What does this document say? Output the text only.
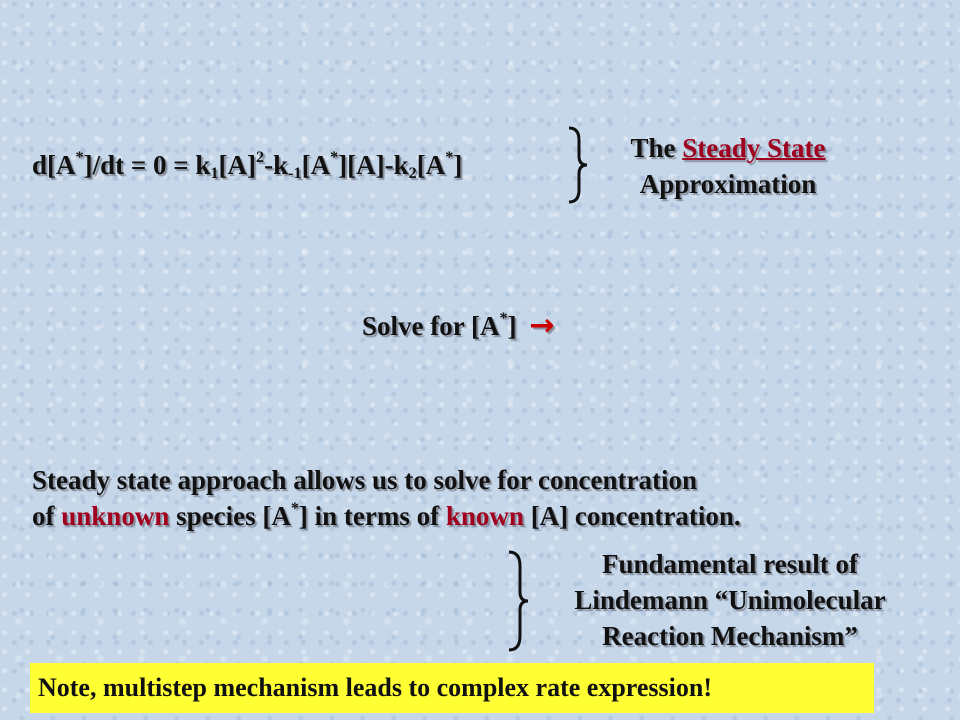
$d[A^*]/dt = 0 = k_1[A]^2-k_{-1}[A^*][A]-k_2[A^*]$
The Steady State
Approximation
Solve for [A*] →
Steady state approach allows us to solve for concentration
of unknown species [A*] in terms of known [A] concentration.
Fundamental result of
Lindemann “Unimolecular
Reaction Mechanism”
Note, multistep mechanism leads to complex rate expression!
